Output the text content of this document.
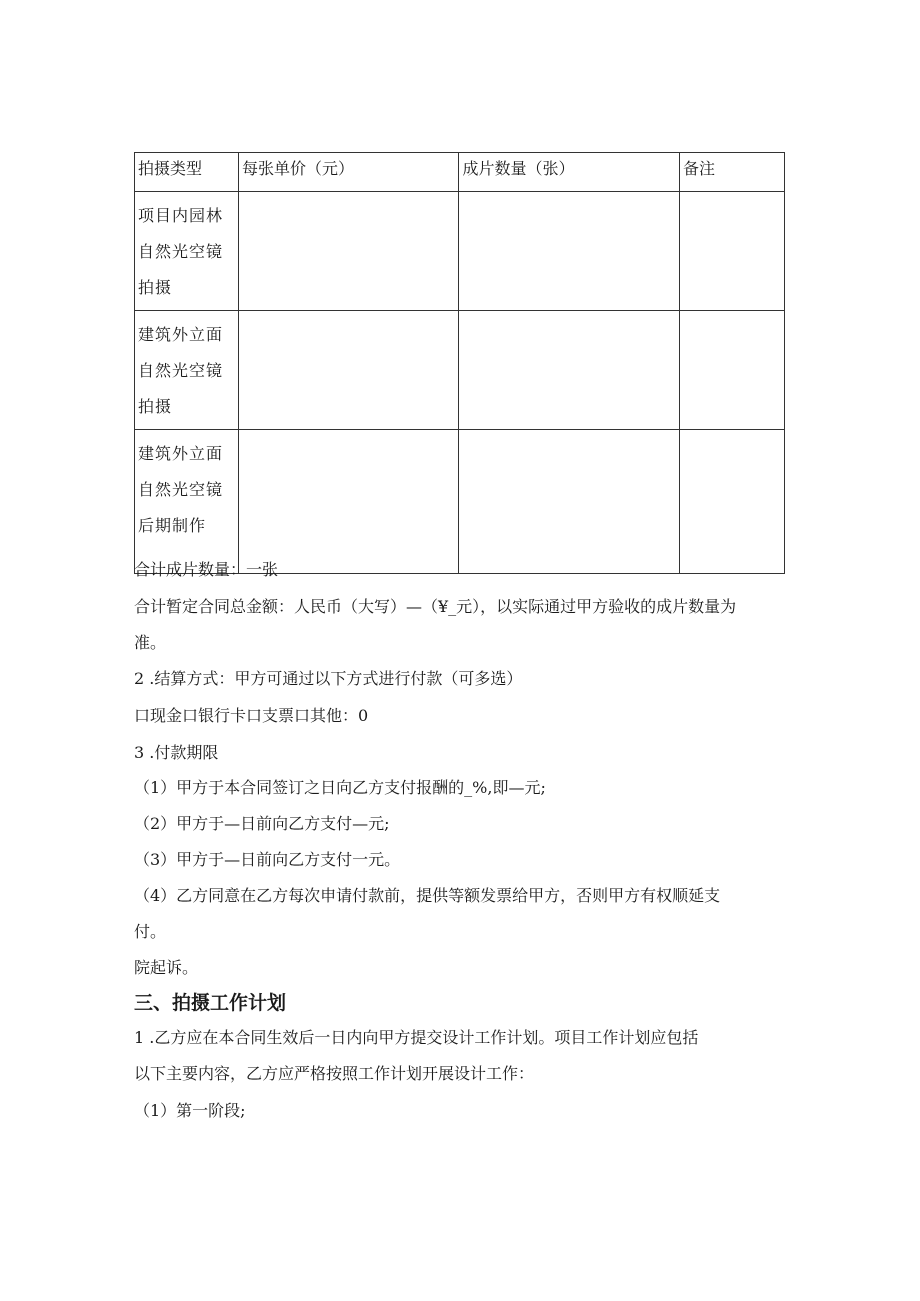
拍摄类型	每张单价（元）	成片数量（张）	备注
项目内园林自然光空镜拍摄			
建筑外立面自然光空镜拍摄			
建筑外立面自然光空镜后期制作			
合计成片数量：一张
合计暂定合同总金额：人民币（大写）—（¥_元），以实际通过甲方验收的成片数量为
准。
2 .结算方式：甲方可通过以下方式进行付款（可多选）
口现金口银行卡口支票口其他：0
3 .付款期限
（1）甲方于本合同签订之日向乙方支付报酬的_%,即—元;
（2）甲方于—日前向乙方支付—元;
（3）甲方于—日前向乙方支付一元。
（4）乙方同意在乙方每次申请付款前，提供等额发票给甲方，否则甲方有权顺延支
付。
院起诉。
三、拍摄工作计划
1 .乙方应在本合同生效后一日内向甲方提交设计工作计划。项目工作计划应包括
以下主要内容，乙方应严格按照工作计划开展设计工作：
（1）第一阶段;
